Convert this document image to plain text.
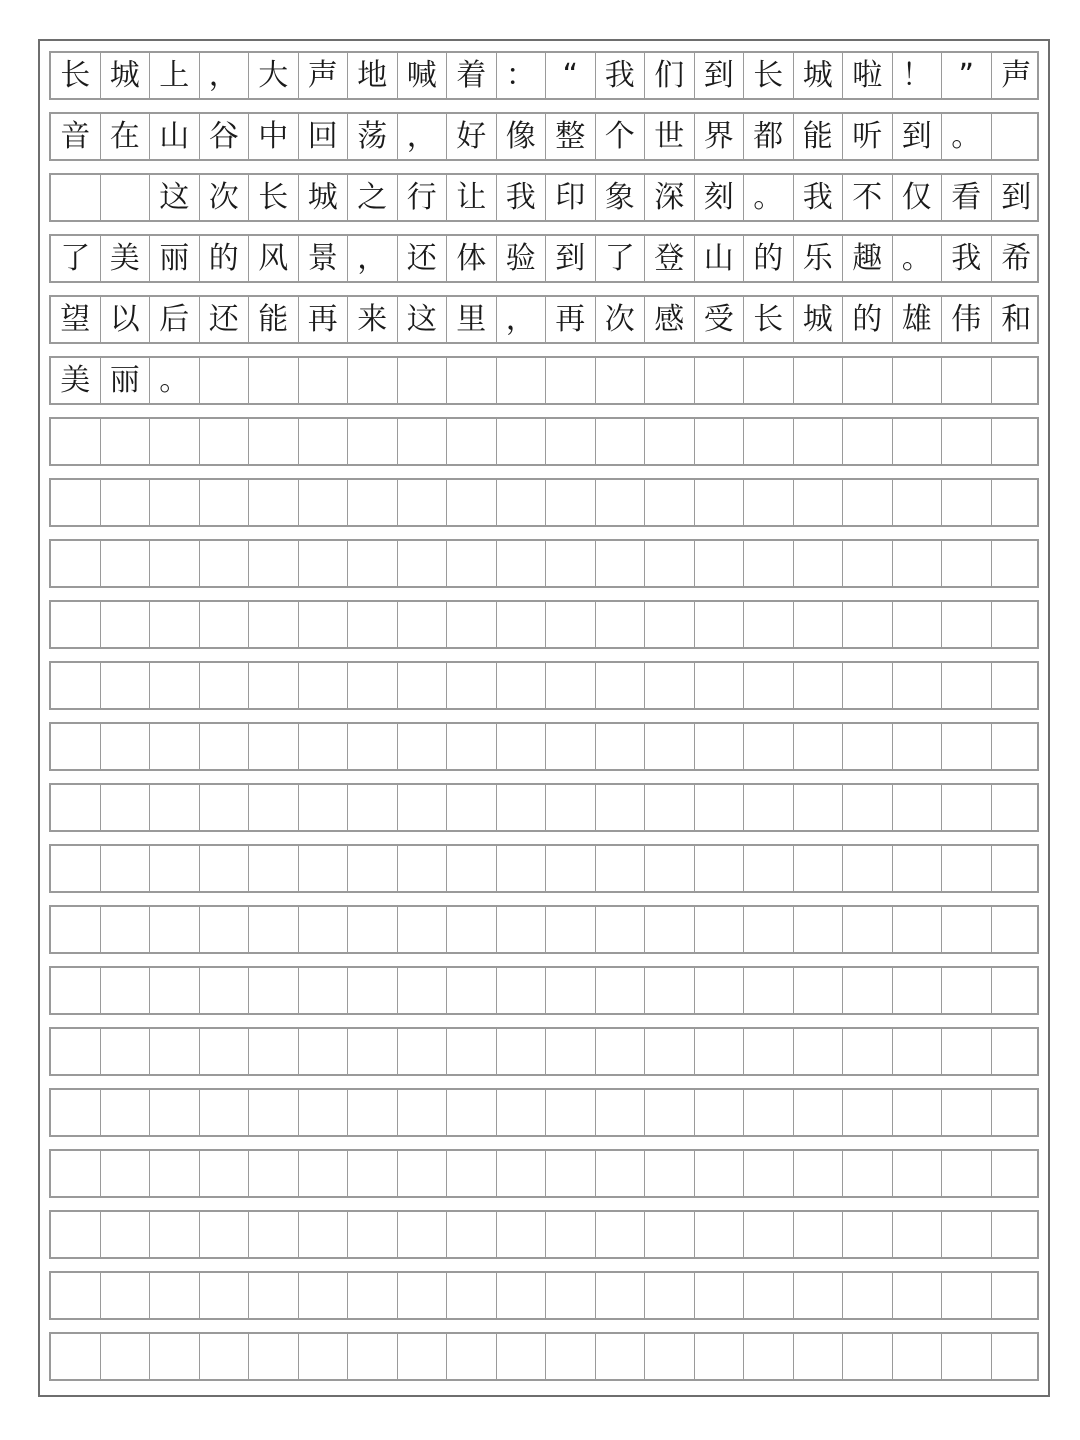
长 城 上 ， 大 声 地 喊 着 ： “ 我 们 到 长 城 啦 ！ ” 声
音 在 山 谷 中 回 荡 ， 好 像 整 个 世 界 都 能 听 到 。
这 次 长 城 之 行 让 我 印 象 深 刻 。 我 不 仅 看 到
了 美 丽 的 风 景 ， 还 体 验 到 了 登 山 的 乐 趣 。 我 希
望 以 后 还 能 再 来 这 里 ， 再 次 感 受 长 城 的 雄 伟 和
美 丽 。
